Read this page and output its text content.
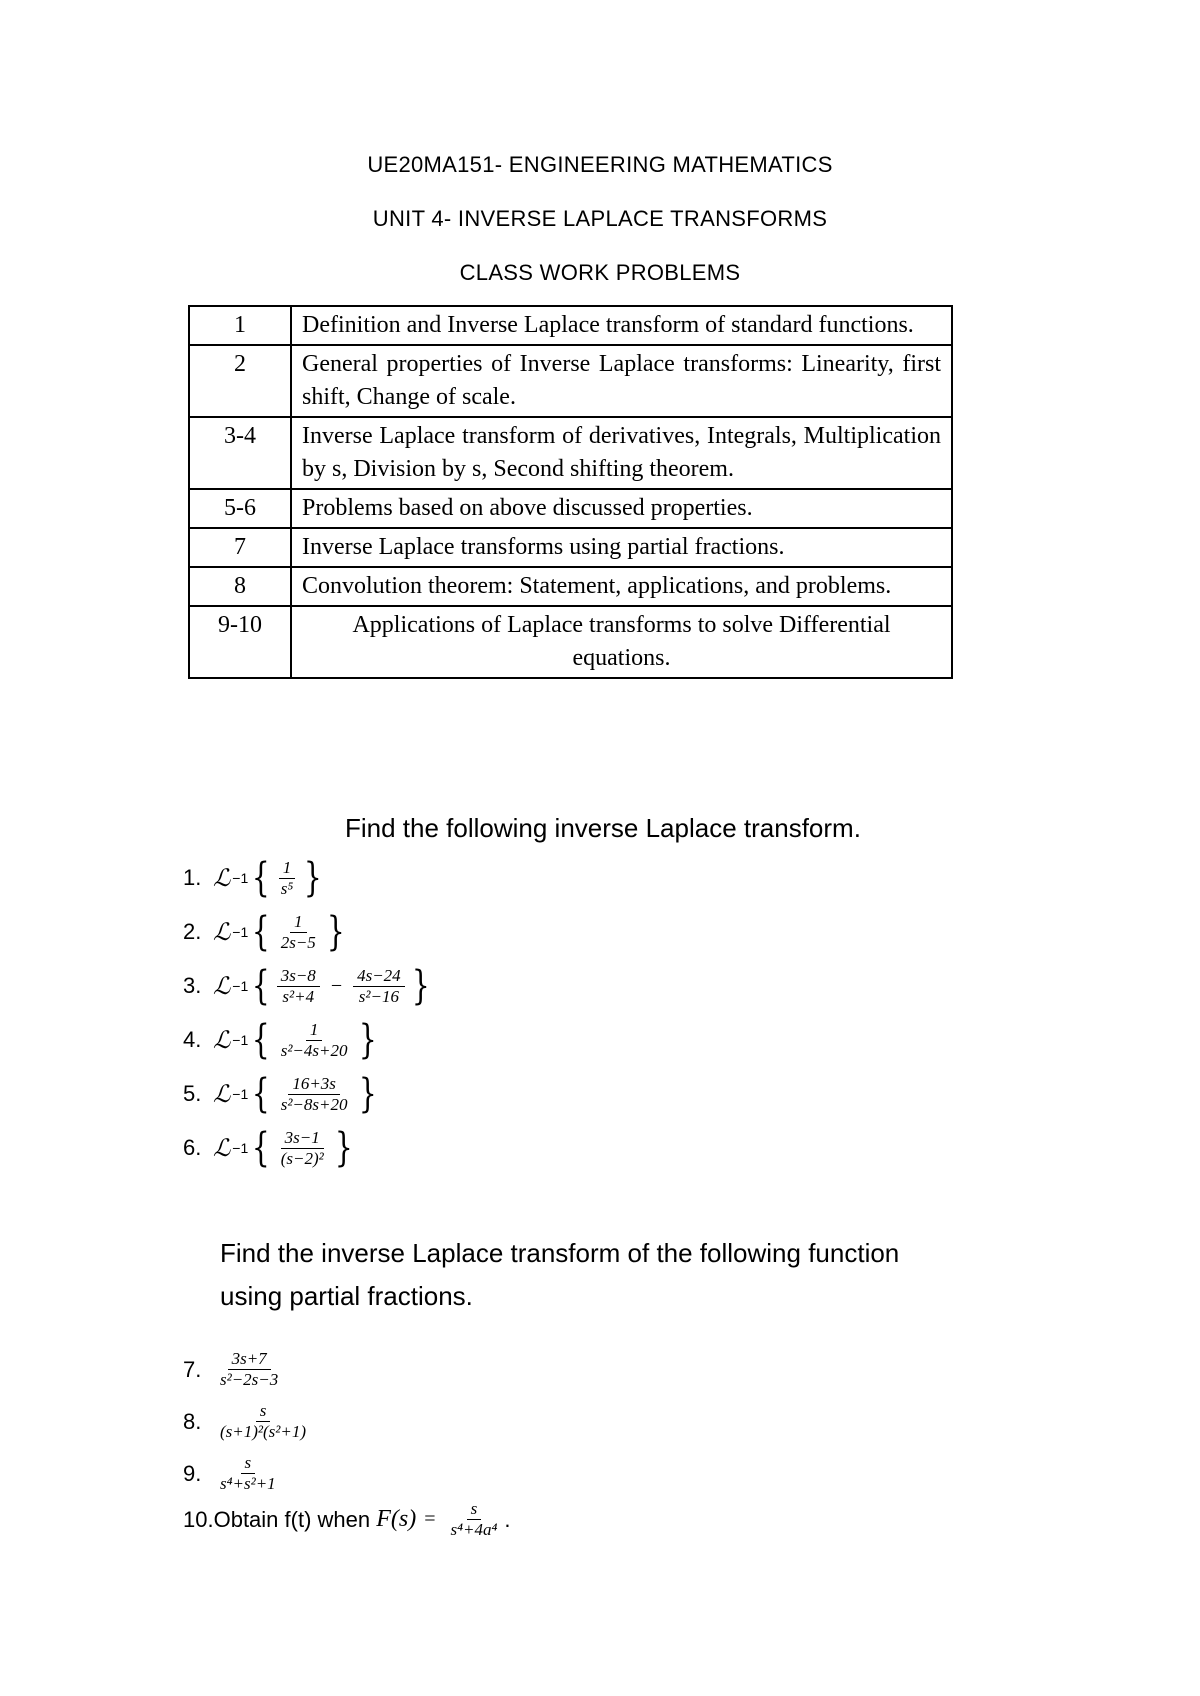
UE20MA151- ENGINEERING MATHEMATICS
UNIT 4- INVERSE LAPLACE TRANSFORMS
CLASS WORK PROBLEMS
1	Definition and Inverse Laplace transform of standard functions.
2	General properties of Inverse Laplace transforms: Linearity, first shift, Change of scale.
3-4	Inverse Laplace transform of derivatives, Integrals, Multiplication by s, Division by s, Second shifting theorem.
5-6	Problems based on above discussed properties.
7	Inverse Laplace transforms using partial fractions.
8	Convolution theorem: Statement, applications, and problems.
9-10	Applications of Laplace transforms to solve Differential equations.
Find the following inverse Laplace transform.
1. ℒ −1 { $\frac{1}{\text{s⁵}}$ }
2. ℒ −1 { $\frac{1}{2s-5}$ }
3. ℒ −1 { $\frac{3s-8}{\text{s²+4}} - \frac{4s-24}{\text{s²−16}}$ }
4. ℒ −1 { $\frac{1}{\text{s²−4s+20}}$ }
5. ℒ −1 { $\frac{16+3s}{\text{s²−8s+20}}$ }
6. ℒ −1 { $\frac{3s-1}{\text{(s−2)²}}$ }
Find the inverse Laplace transform of the following function
using partial fractions.
7. $\frac{3s+7}{\text{s²−2s−3}}$
8. $\frac{s}{\text{(s+1)²(s²+1)}}$
9. $\frac{s}{\text{s⁴+s²+1}}$
10. Obtain f(t) when $F(s) = \frac{s}{\text{s⁴+4a⁴}}$ .
